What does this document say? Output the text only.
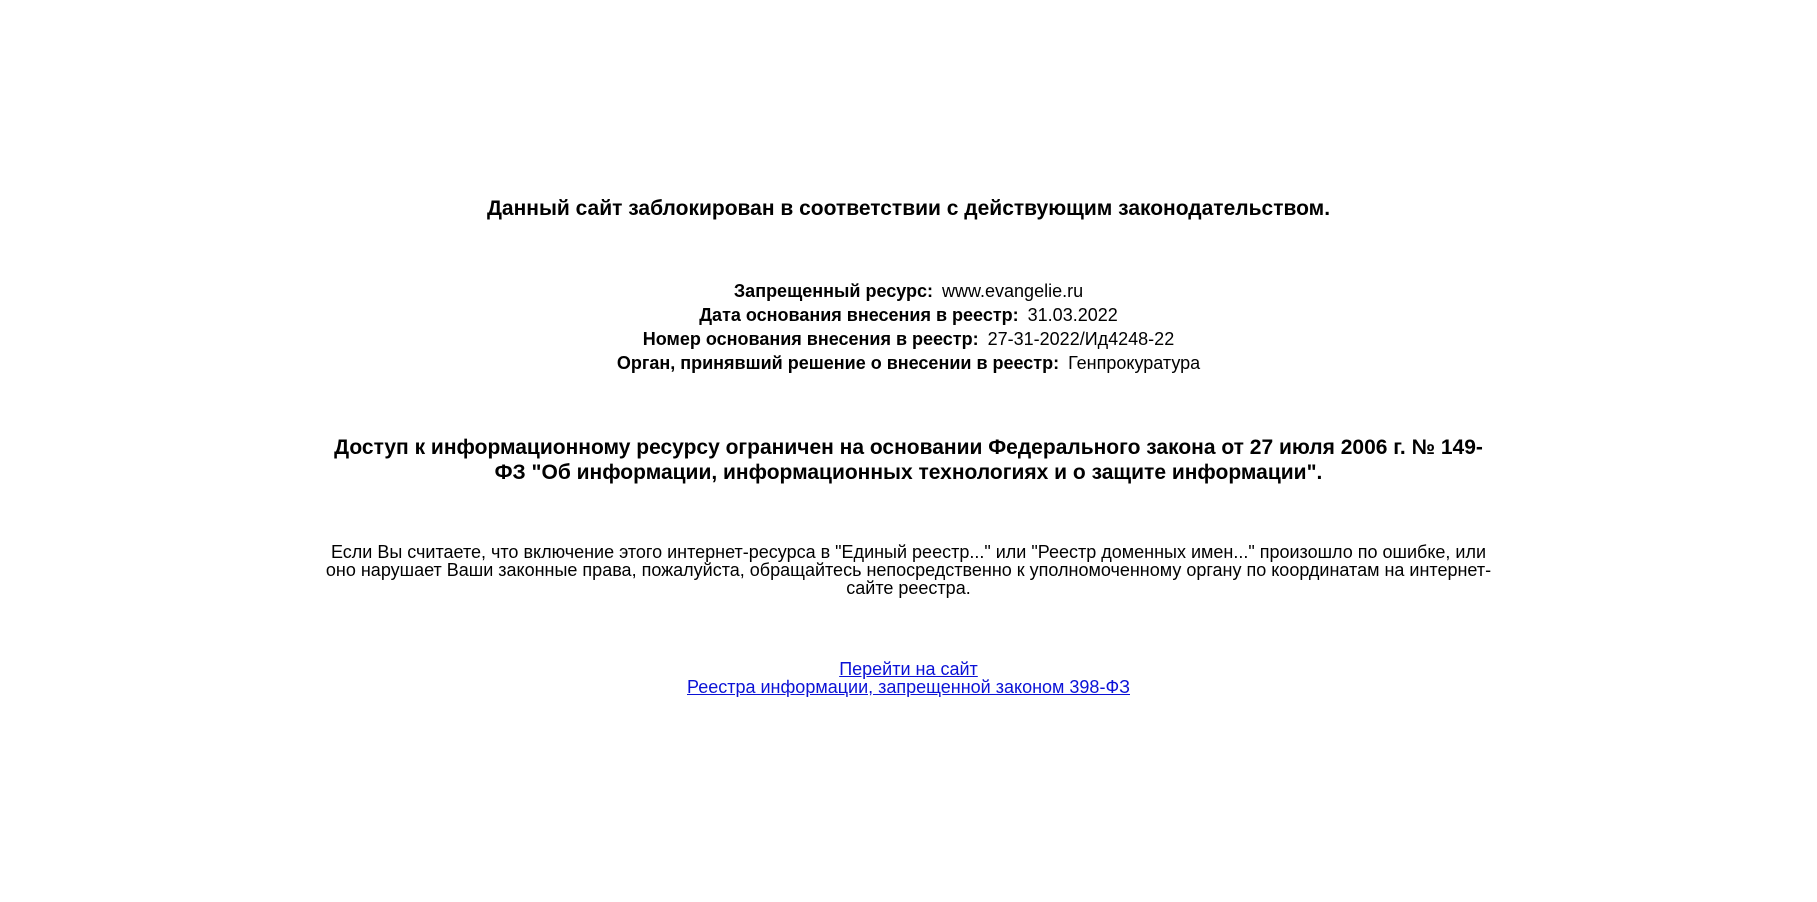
Данный сайт заблокирован в соответствии с действующим законодательством.
Запрещенный ресурс: www.evangelie.ru
Дата основания внесения в реестр: 31.03.2022
Номер основания внесения в реестр: 27-31-2022/Ид4248-22
Орган, принявший решение о внесении в реестр: Генпрокуратура
Доступ к информационному ресурсу ограничен на основании Федерального закона от 27 июля 2006 г. № 149-ФЗ "Об информации, информационных технологиях и о защите информации".

Если Вы считаете, что включение этого интернет-ресурса в "Единый реестр..." или "Реестр доменных имен..." произошло по ошибке, или оно нарушает Ваши законные права, пожалуйста, обращайтесь непосредственно к уполномоченному органу по координатам на интернет-сайте реестра.

Перейти на сайт
Реестра информации, запрещенной законом 398-ФЗ
